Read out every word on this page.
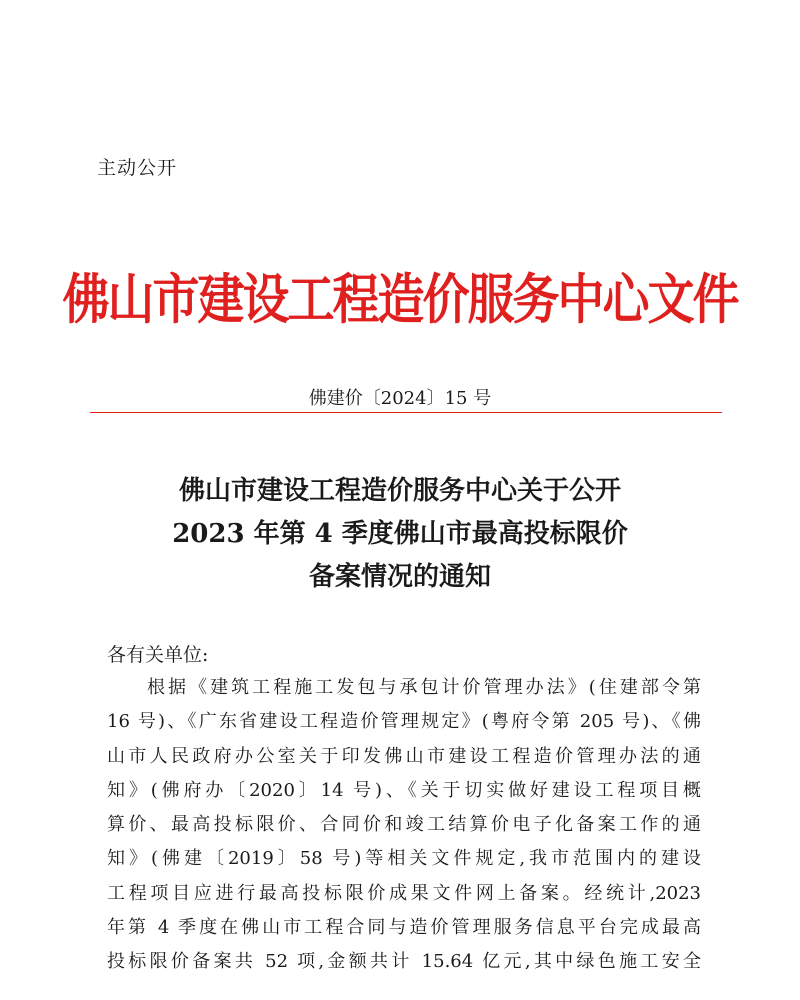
主动公开
佛山市建设工程造价服务中心文件
佛建价〔2024〕15 号
佛山市建设工程造价服务中心关于公开
2023 年第 4 季度佛山市最高投标限价
备案情况的通知
各有关单位:
根据《建筑工程施工发包与承包计价管理办法》(住建部令第
16 号)、《广东省建设工程造价管理规定》(粤府令第 205 号)、《佛
山市人民政府办公室关于印发佛山市建设工程造价管理办法的通
知》(佛府办〔2020〕14 号)、《关于切实做好建设工程项目概
算价、最高投标限价、合同价和竣工结算价电子化备案工作的通
知》(佛建〔2019〕58 号)等相关文件规定,我市范围内的建设
工程项目应进行最高投标限价成果文件网上备案。经统计,2023
年第 4 季度在佛山市工程合同与造价管理服务信息平台完成最高
投标限价备案共 52 项,金额共计 15.64 亿元,其中绿色施工安全
